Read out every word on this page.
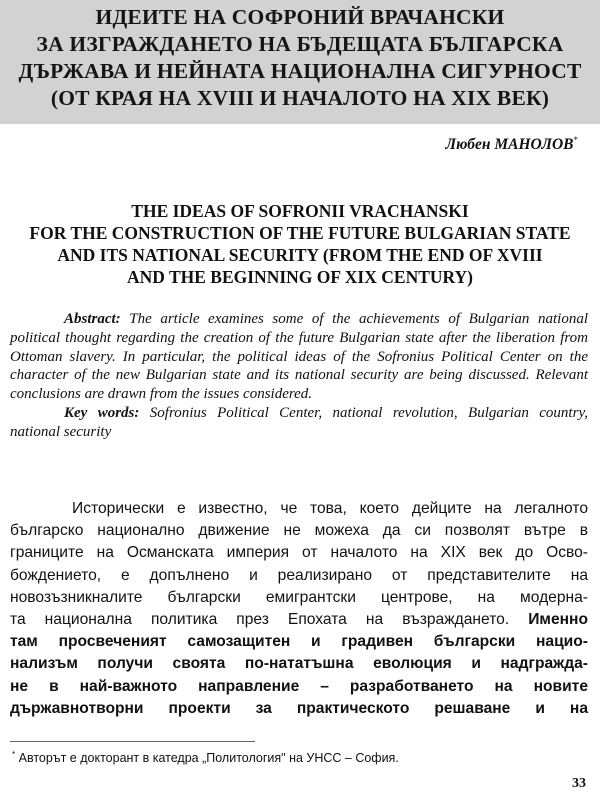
ИДЕИТЕ НА СОФРОНИЙ ВРАЧАНСКИ
ЗА ИЗГРАЖДАНЕТО НА БЪДЕЩАТА БЪЛГАРСКА
ДЪРЖАВА И НЕЙНАТА НАЦИОНАЛНА СИГУРНОСТ
(ОТ КРАЯ НА XVIII И НАЧАЛОТО НА XIX ВЕК)
Любен МАНОЛОВ*
THE IDEAS OF SOFRONII VRACHANSKI
FOR THE CONSTRUCTION OF THE FUTURE BULGARIAN STATE
AND ITS NATIONAL SECURITY (FROM THE END OF XVIII
AND THE BEGINNING OF XIX CENTURY)

Abstract: The article examines some of the achievements of Bulgarian national political thought regarding the creation of the future Bulgarian state after the liberation from Ottoman slavery. In particular, the political ideas of the Sofronius Political Center on the character of the new Bulgarian state and its national security are being discussed. Relevant conclusions are drawn from the issues considered.

Key words: Sofronius Political Center, national revolution, Bulgarian country, national security

Исторически е известно, че това, което дейците на легалното
българско национално движение не можеха да си позволят вътре в
границите на Османската империя от началото на XIX век до Осво-
бождението, е допълнено и реализирано от представителите на
новозъзникналите български емигрантски центрове, на модерна-
та национална политика през Епохата на възраждането. Именно
там просвеченият самозащитен и градивен български нацио-
нализъм получи своята по-нататъшна еволюция и надгражда-
не в най-важното направление – разработването на новите
държавнотворни проекти за практическото решаване и на
* Авторът е докторант в катедра „Политология" на УНСС – София.
33
